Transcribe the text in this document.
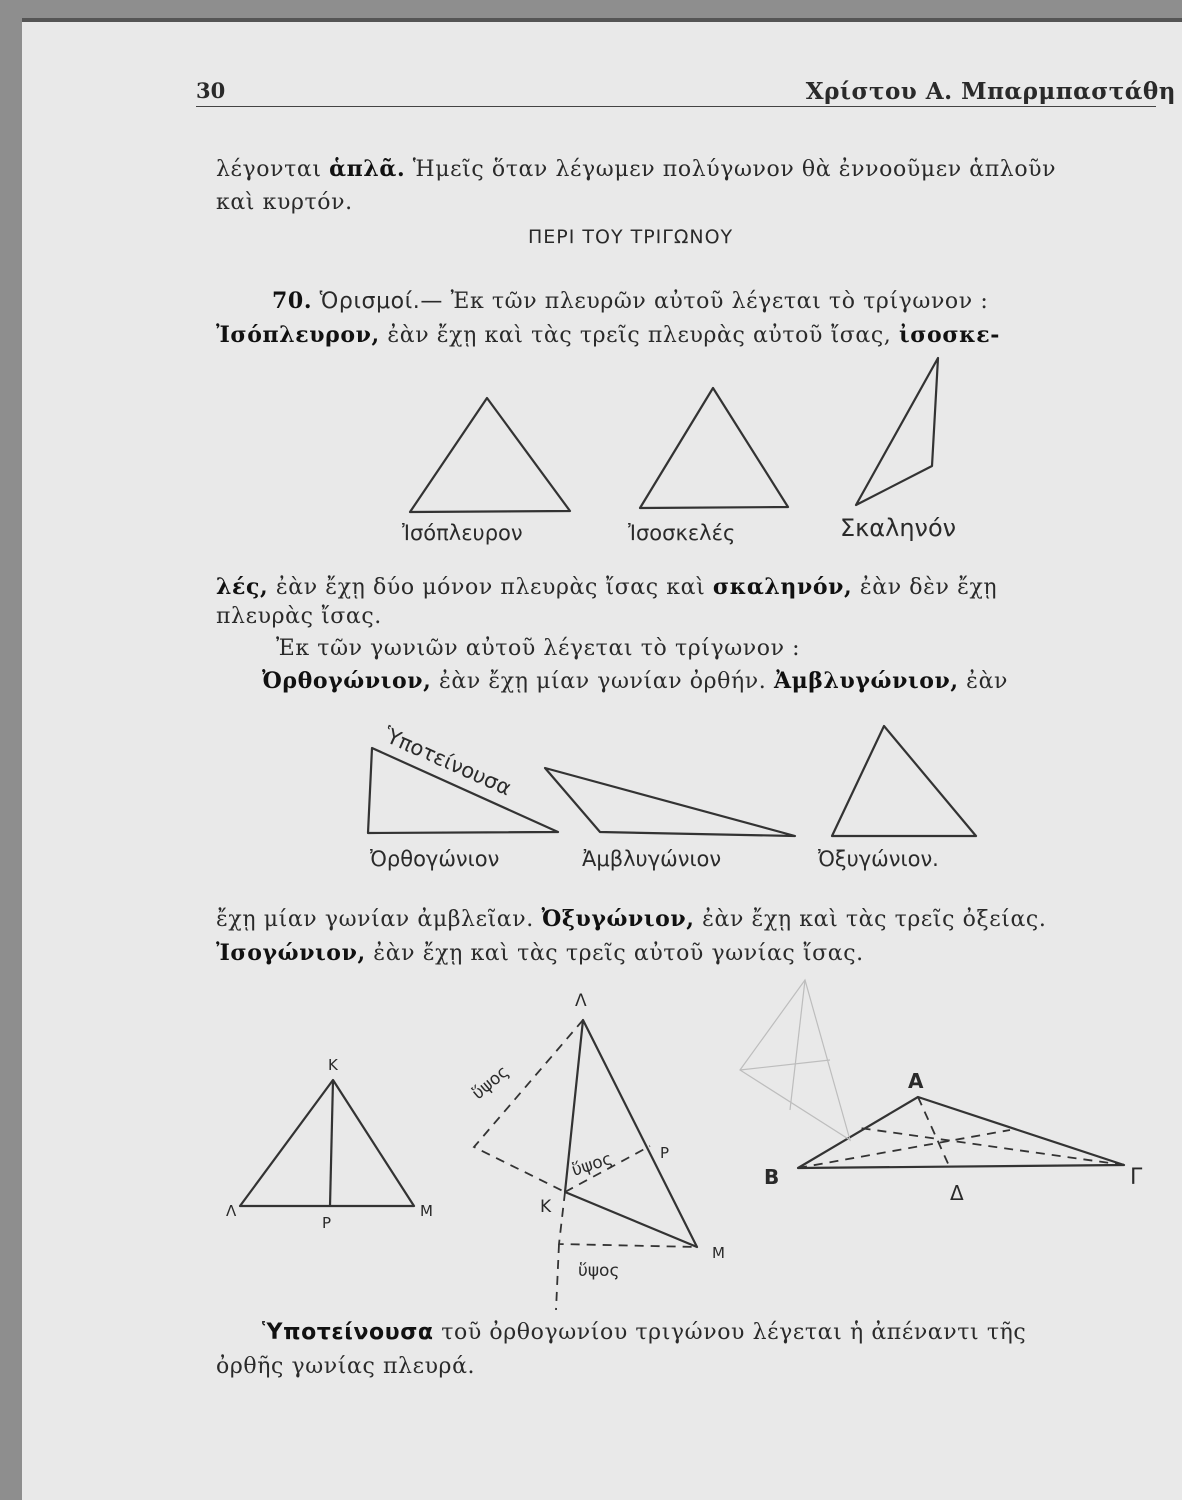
30	Χρίστου Α. Μπαρμπαστάθη
λέγονται ἁπλᾶ. Ἡμεῖς ὅταν λέγωμεν πολύγωνον θὰ ἐννοοῦμεν ἁπλοῦν
καὶ κυρτόν.
ΠΕΡΙ ΤΟΥ ΤΡΙΓΩΝΟΥ
70. Ὁρισμοί.— Ἐκ τῶν πλευρῶν αὐτοῦ λέγεται τὸ τρίγωνον :
Ἰσόπλευρον, ἐὰν ἔχῃ καὶ τὰς τρεῖς πλευρὰς αὐτοῦ ἴσας, ἰσοσκε-
λές, ἐὰν ἔχῃ δύο μόνον πλευρὰς ἴσας καὶ σκαληνόν, ἐὰν δὲν ἔχῃ
πλευρὰς ἴσας.
Ἐκ τῶν γωνιῶν αὐτοῦ λέγεται τὸ τρίγωνον :
Ὀρθογώνιον, ἐὰν ἔχῃ μίαν γωνίαν ὀρθήν. Ἀμβλυγώνιον, ἐὰν
ἔχῃ μίαν γωνίαν ἀμβλεῖαν. Ὀξυγώνιον, ἐὰν ἔχῃ καὶ τὰς τρεῖς ὀξείας.
Ἰσογώνιον, ἐὰν ἔχῃ καὶ τὰς τρεῖς αὐτοῦ γωνίας ἴσας.
Ὑποτείνουσα τοῦ ὀρθογωνίου τριγώνου λέγεται ἡ ἀπέναντι τῆς
ὀρθῆς γωνίας πλευρά.
Ἰσόπλευρον	Ἰσοσκελές	Σκαληνόν
Ὑποτείνουσα
Ὀρθογώνιον	Ἀμβλυγώνιον	Ὀξυγώνιον.
Κ
Λ	Μ
Ρ
Λ
Κ
Μ
Ρ
ὕψος
ὕψος
ὕψος
Α
Β	Γ
Δ
